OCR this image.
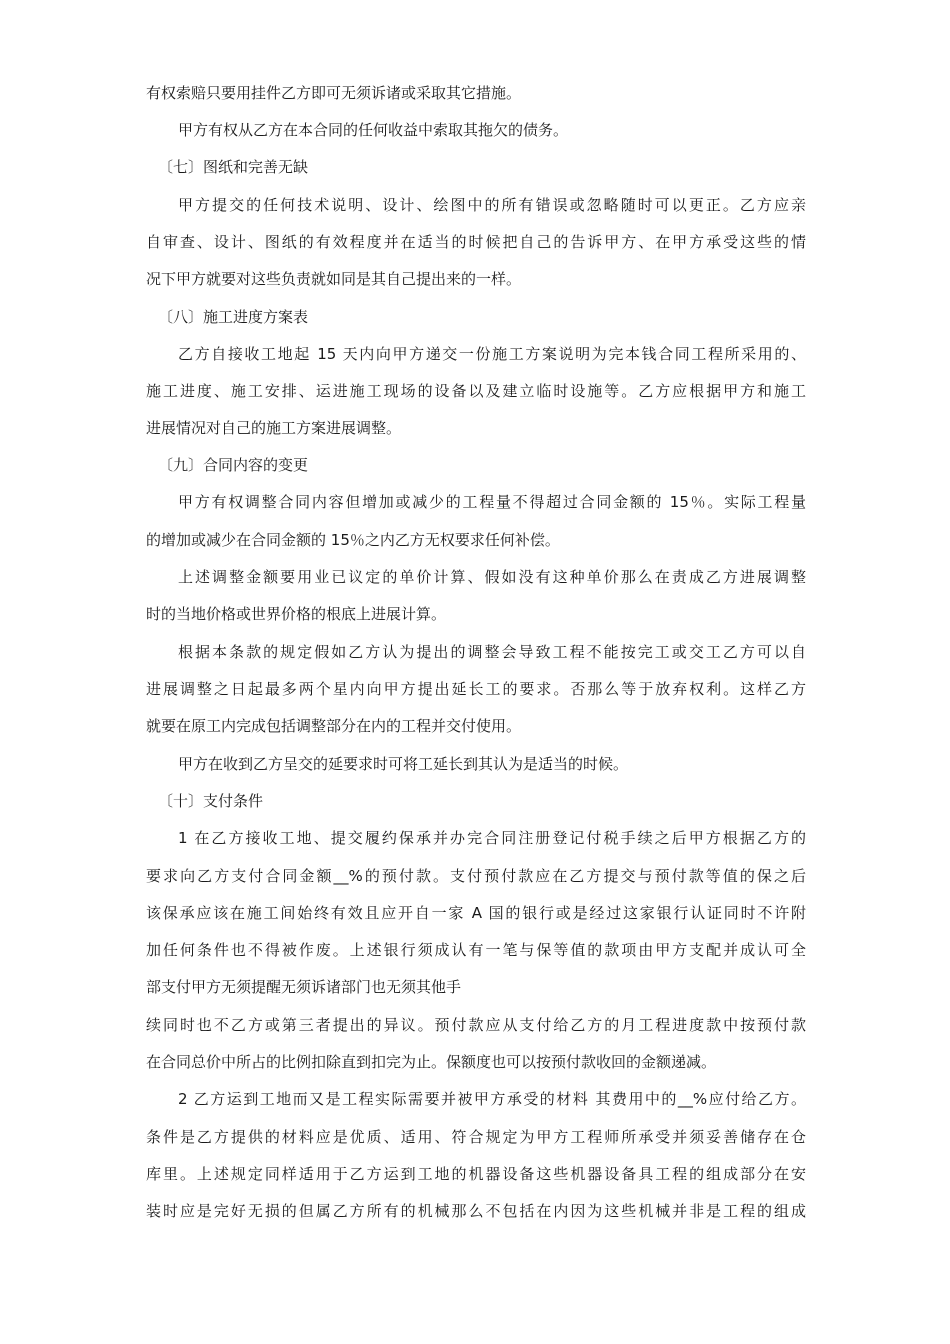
有权索赔只要用挂件乙方即可无须诉诸或采取其它措施。
甲方有权从乙方在本合同的任何收益中索取其拖欠的债务。
〔七〕图纸和完善无缺
甲方提交的任何技术说明、设计、绘图中的所有错误或忽略随时可以更正。乙方应亲
自审查、设计、图纸的有效程度并在适当的时候把自己的告诉甲方、在甲方承受这些的情
况下甲方就要对这些负责就如同是其自己提出来的一样。
〔八〕施工进度方案表
乙方自接收工地起 15 天内向甲方递交一份施工方案说明为完本钱合同工程所采用的、
施工进度、施工安排、运进施工现场的设备以及建立临时设施等。乙方应根据甲方和施工
进展情况对自己的施工方案进展调整。
〔九〕合同内容的变更
甲方有权调整合同内容但增加或减少的工程量不得超过合同金额的 15％。实际工程量
的增加或减少在合同金额的 15％之内乙方无权要求任何补偿。
上述调整金额要用业已议定的单价计算、假如没有这种单价那么在责成乙方进展调整
时的当地价格或世界价格的根底上进展计算。
根据本条款的规定假如乙方认为提出的调整会导致工程不能按完工或交工乙方可以自
进展调整之日起最多两个星内向甲方提出延长工的要求。否那么等于放弃权利。这样乙方
就要在原工内完成包括调整部分在内的工程并交付使用。
甲方在收到乙方呈交的延要求时可将工延长到其认为是适当的时候。
〔十〕支付条件
1 在乙方接收工地、提交履约保承并办完合同注册登记付税手续之后甲方根据乙方的
要求向乙方支付合同金额__%的预付款。支付预付款应在乙方提交与预付款等值的保之后
该保承应该在施工间始终有效且应开自一家 A 国的银行或是经过这家银行认证同时不许附
加任何条件也不得被作废。上述银行须成认有一笔与保等值的款项由甲方支配并成认可全
部支付甲方无须提醒无须诉诸部门也无须其他手
续同时也不乙方或第三者提出的异议。预付款应从支付给乙方的月工程进度款中按预付款
在合同总价中所占的比例扣除直到扣完为止。保额度也可以按预付款收回的金额递减。
2 乙方运到工地而又是工程实际需要并被甲方承受的材料 其费用中的__%应付给乙方。
条件是乙方提供的材料应是优质、适用、符合规定为甲方工程师所承受并须妥善储存在仓
库里。上述规定同样适用于乙方运到工地的机器设备这些机器设备具工程的组成部分在安
装时应是完好无损的但属乙方所有的机械那么不包括在内因为这些机械并非是工程的组成
